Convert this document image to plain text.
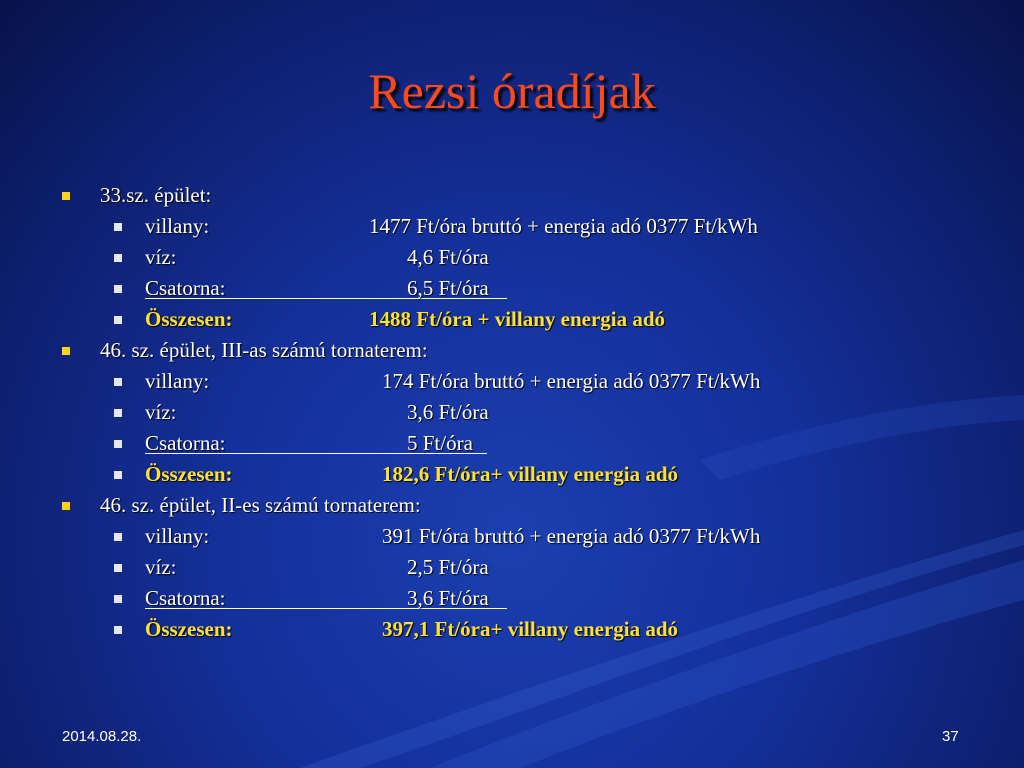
Rezsi óradíjak
33.sz. épület:
villany:	1477 Ft/óra bruttó + energia adó 0377 Ft/kWh
víz:	4,6 Ft/óra
Csatorna:	6,5 Ft/óra
Összesen:	1488 Ft/óra + villany energia adó
46. sz. épület, III-as számú tornaterem:
villany:	174 Ft/óra bruttó + energia adó 0377 Ft/kWh
víz:	3,6 Ft/óra
Csatorna:	5 Ft/óra
Összesen:	182,6 Ft/óra+ villany energia adó
46. sz. épület, II-es számú tornaterem:
villany:	391 Ft/óra bruttó + energia adó 0377 Ft/kWh
víz:	2,5 Ft/óra
Csatorna:	3,6 Ft/óra
Összesen:	397,1 Ft/óra+ villany energia adó
2014.08.28.	37
